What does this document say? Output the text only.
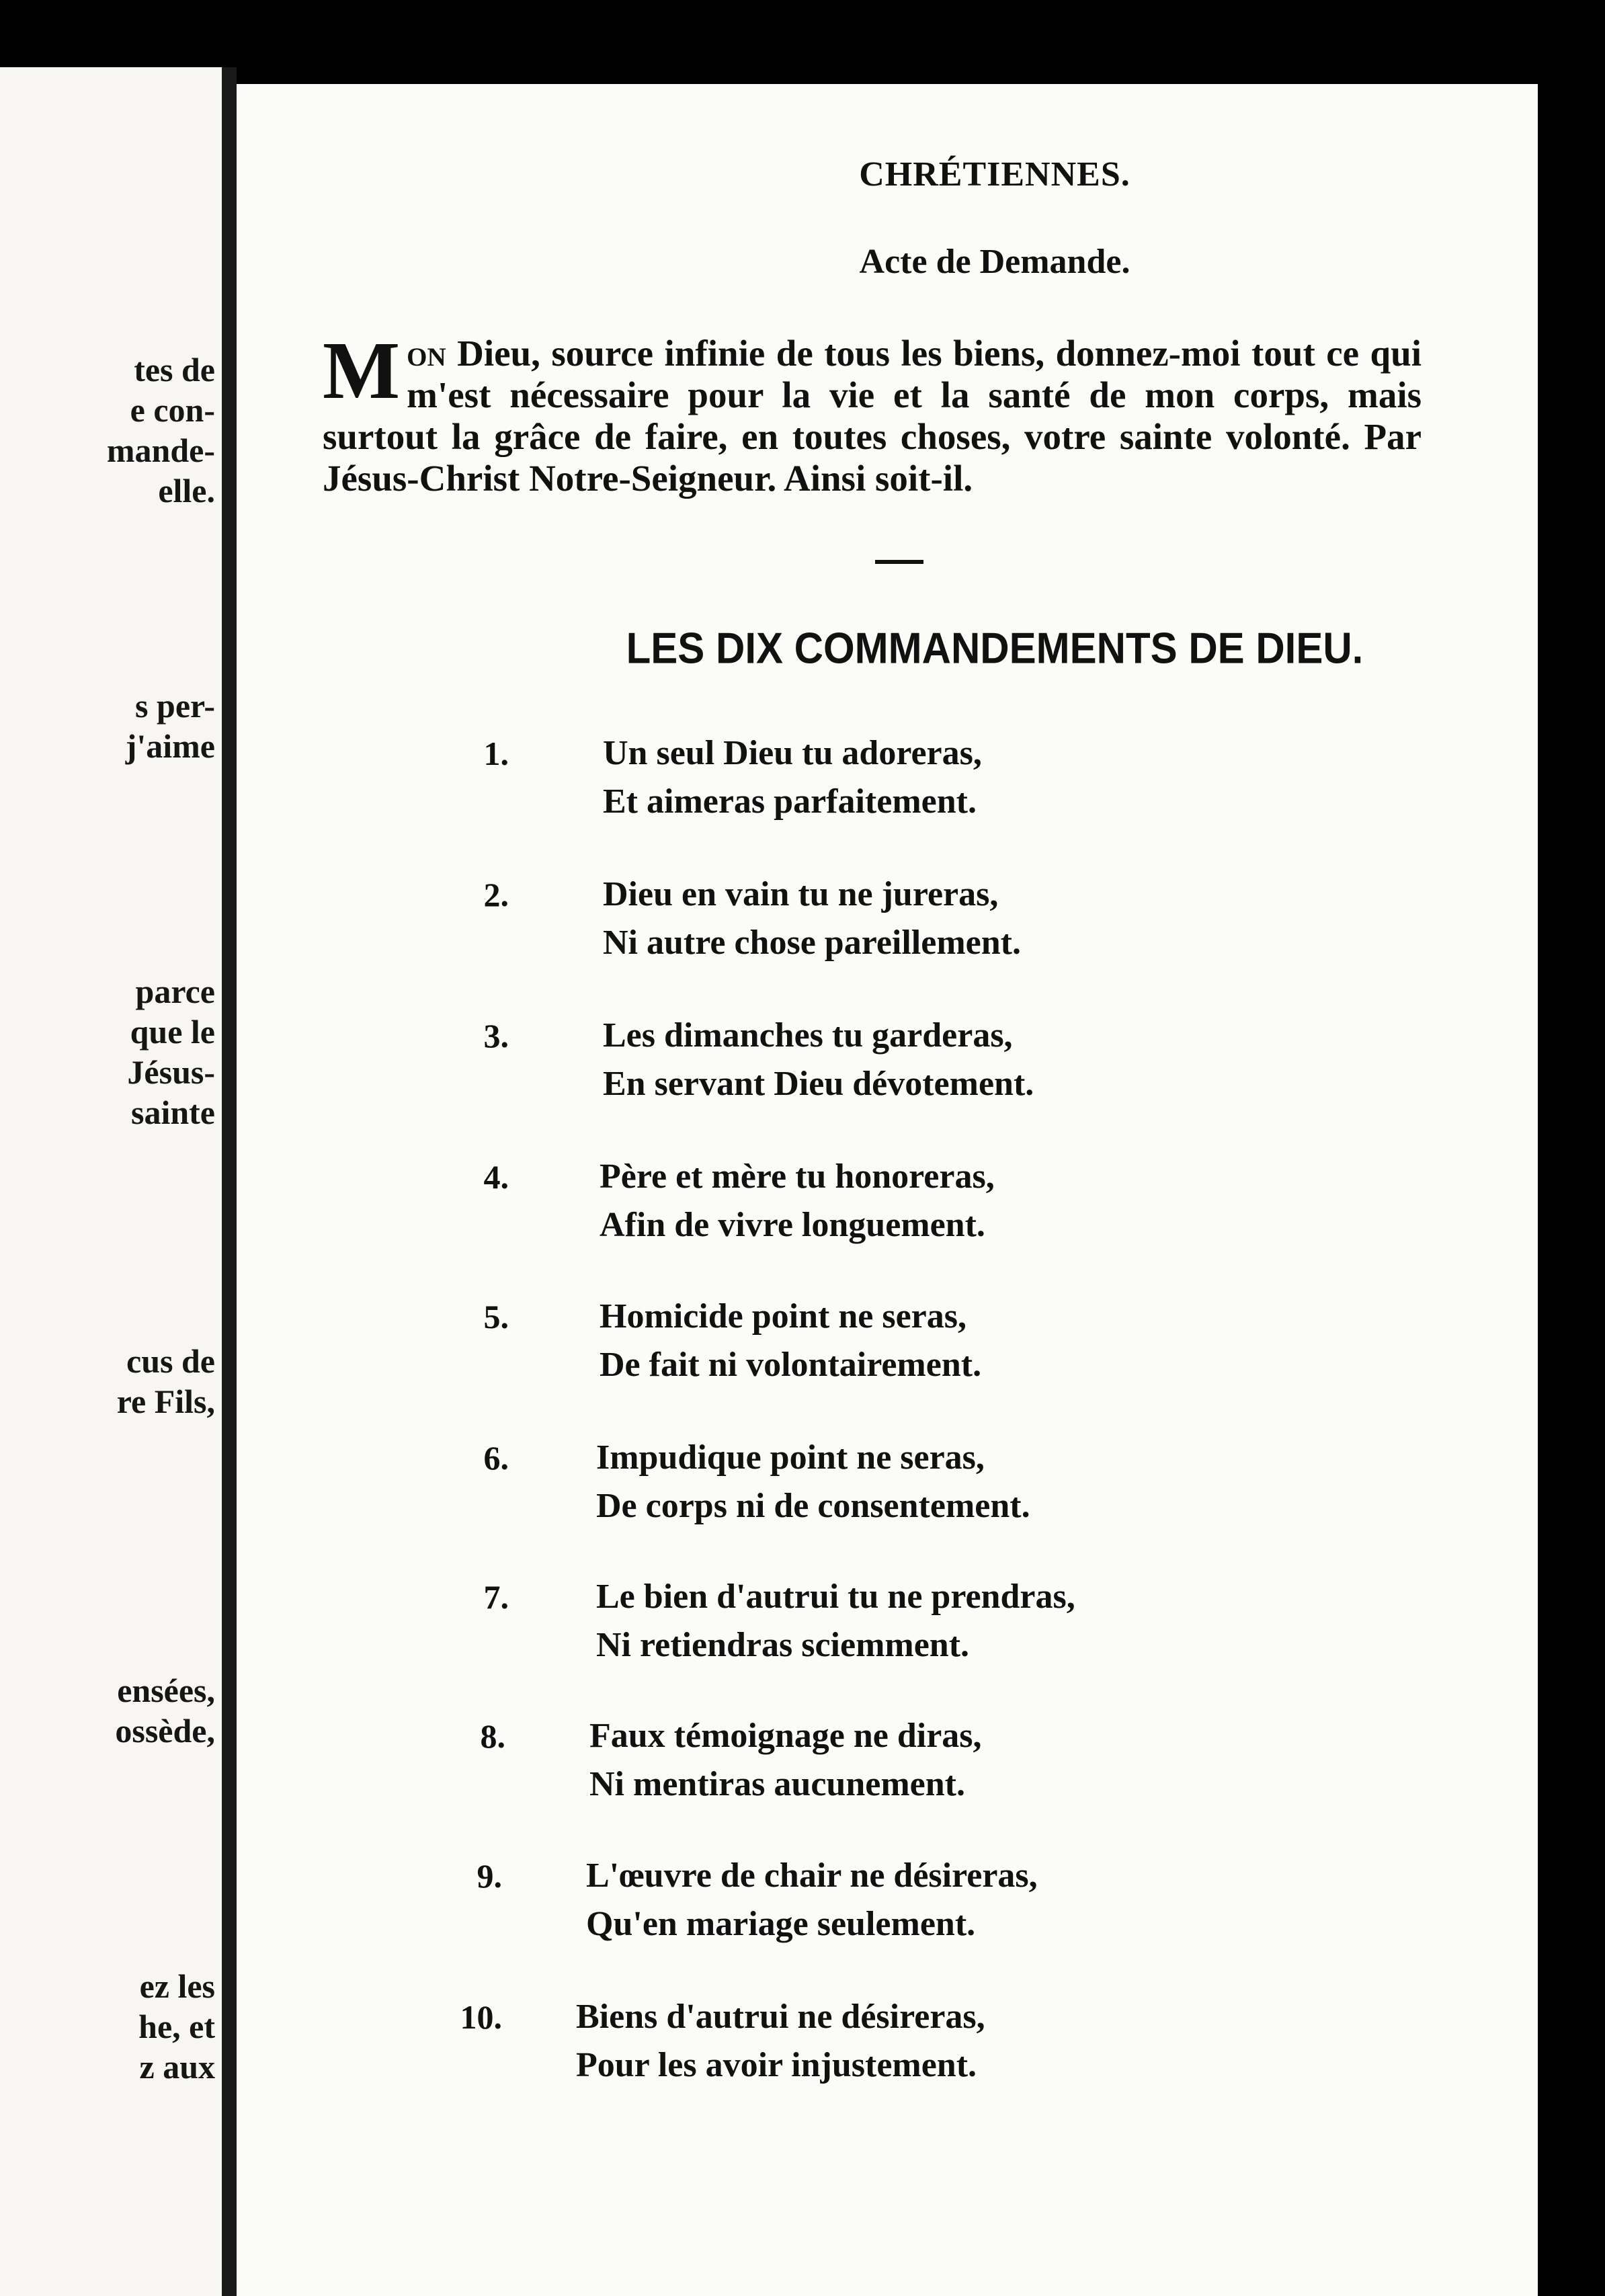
tes de
e con-
mande-
elle.
s per-
j'aime
parce
que le
Jésus-
sainte
cus de
re Fils,
ensées,
ossède,
ez les
he, et
z aux
CHRÉTIENNES.
Acte de Demande.
Mon Dieu, source infinie de tous les biens, donnez-moi tout ce qui m'est nécessaire pour la vie et la santé de mon corps, mais surtout la grâce de faire, en toutes choses, votre sainte volonté. Par Jésus-Christ Notre-Seigneur. Ainsi soit-il.
LES DIX COMMANDEMENTS DE DIEU.
1.	Un seul Dieu tu adoreras,
Et aimeras parfaitement.
2.	Dieu en vain tu ne jureras,
Ni autre chose pareillement.
3.	Les dimanches tu garderas,
En servant Dieu dévotement.
4.	Père et mère tu honoreras,
Afin de vivre longuement.
5.	Homicide point ne seras,
De fait ni volontairement.
6.	Impudique point ne seras,
De corps ni de consentement.
7.	Le bien d'autrui tu ne prendras,
Ni retiendras sciemment.
8. Faux témoignage ne diras,
Ni mentiras aucunement.
9. L'œuvre de chair ne désireras,
Qu'en mariage seulement.
10. Biens d'autrui ne désireras,
Pour les avoir injustement.
